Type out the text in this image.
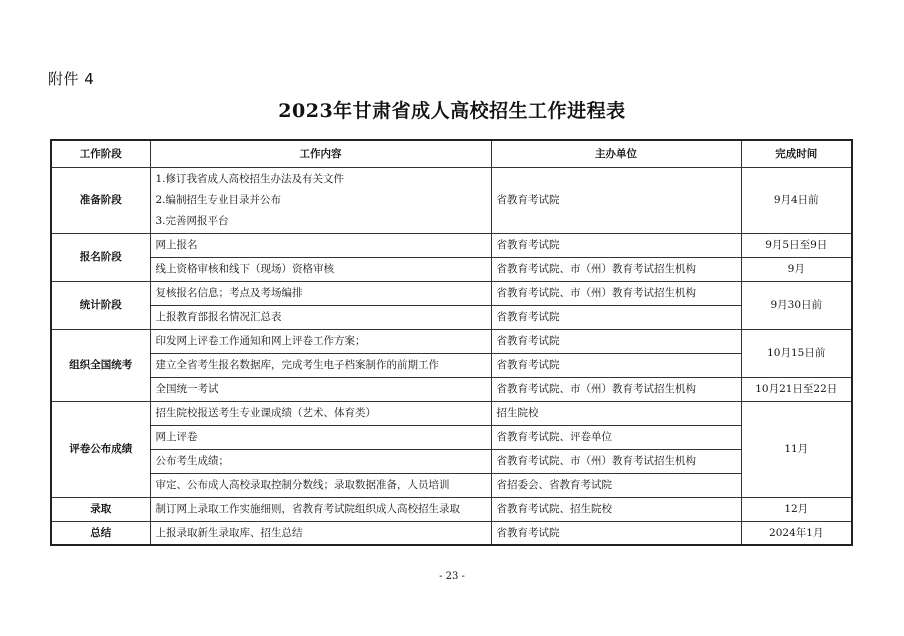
附件 4
2023年甘肃省成人高校招生工作进程表
工作阶段	工作内容	主办单位	完成时间
准备阶段	1.修订我省成人高校招生办法及有关文件
2.编制招生专业目录并公布
3.完善网报平台	省教育考试院	9月4日前
报名阶段	网上报名	省教育考试院	9月5日至9日
	线上资格审核和线下（现场）资格审核	省教育考试院、市（州）教育考试招生机构	9月
统计阶段	复核报名信息；考点及考场编排	省教育考试院、市（州）教育考试招生机构	9月30日前
	上报教育部报名情况汇总表	省教育考试院	
组织全国统考	印发网上评卷工作通知和网上评卷工作方案；	省教育考试院	10月15日前
	建立全省考生报名数据库，完成考生电子档案制作的前期工作	省教育考试院	
	全国统一考试	省教育考试院、市（州）教育考试招生机构	10月21日至22日
评卷公布成绩	招生院校报送考生专业课成绩（艺术、体育类）	招生院校	11月
	网上评卷	省教育考试院、评卷单位	
	公布考生成绩；	省教育考试院、市（州）教育考试招生机构	
	审定、公布成人高校录取控制分数线；录取数据准备，人员培训	省招委会、省教育考试院	
录取	制订网上录取工作实施细则，省教育考试院组织成人高校招生录取	省教育考试院、招生院校	12月
总结	上报录取新生录取库、招生总结	省教育考试院	2024年1月
- 23 -
